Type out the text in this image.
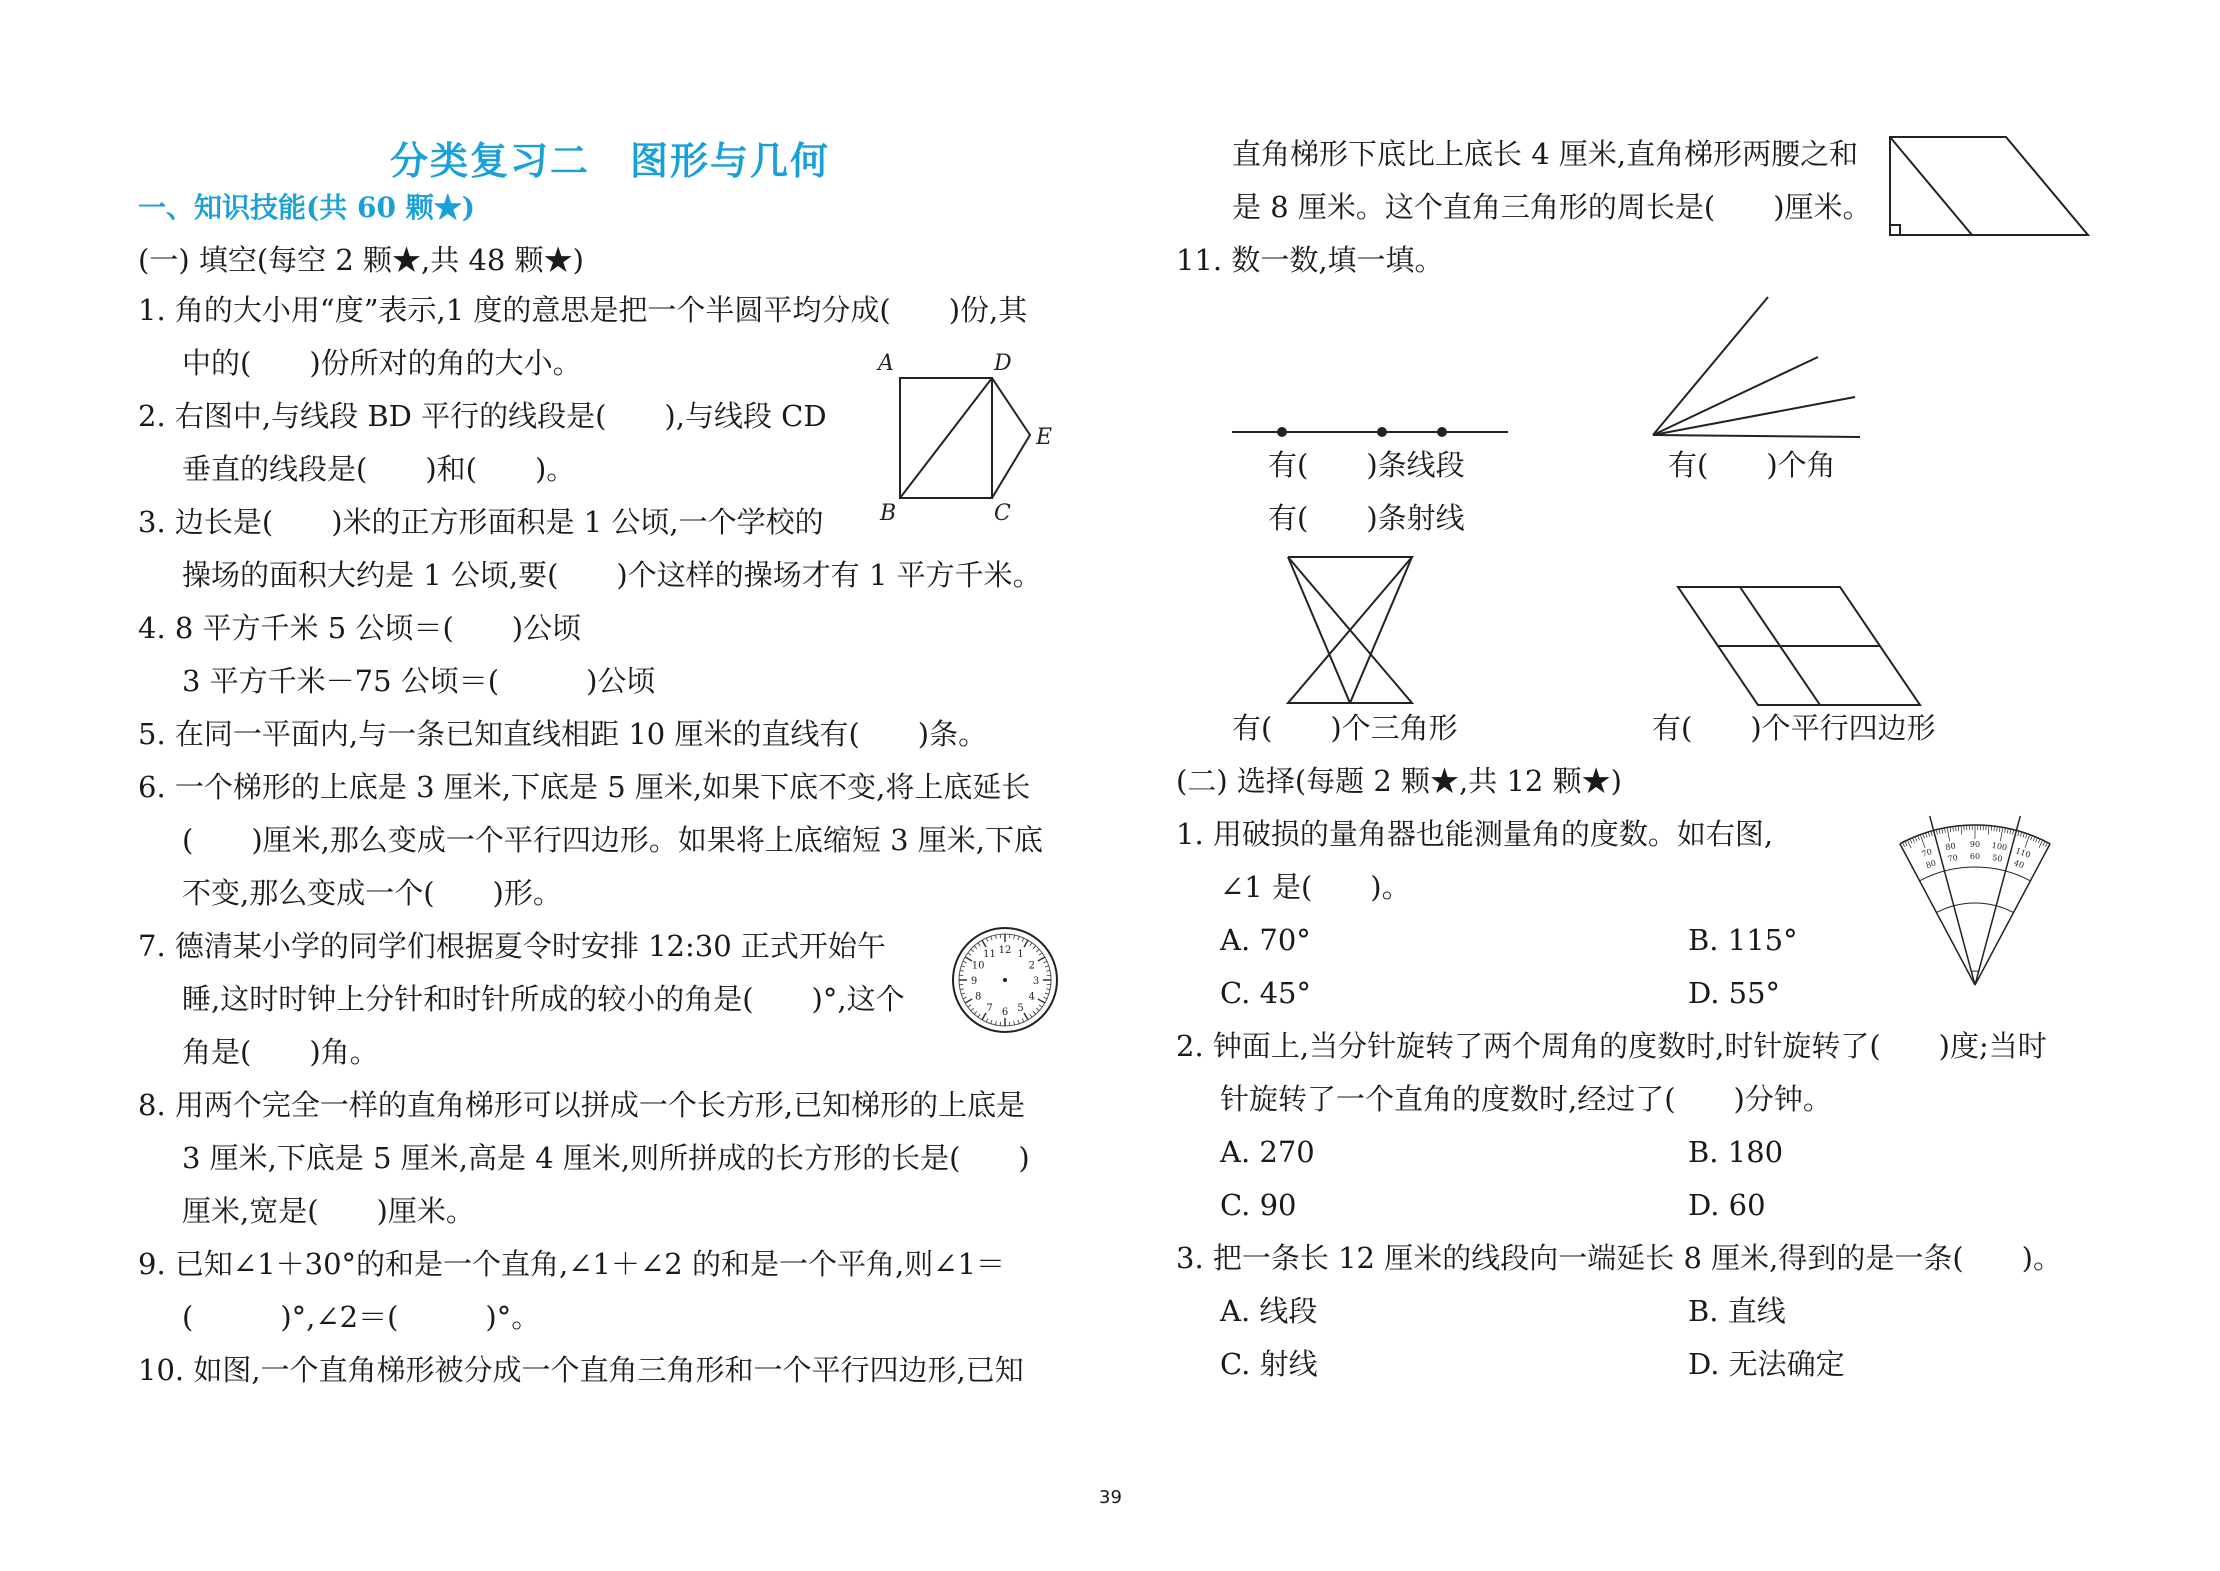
分类复习二　图形与几何
一、知识技能(共 60 颗★)
(一) 填空(每空 2 颗★,共 48 颗★)
1. 角的大小用“度”表示,1 度的意思是把一个半圆平均分成(　　)份,其
中的(　　)份所对的角的大小。
2. 右图中,与线段 BD 平行的线段是(　　),与线段 CD
垂直的线段是(　　)和(　　)。
3. 边长是(　　)米的正方形面积是 1 公顷,一个学校的
操场的面积大约是 1 公顷,要(　　)个这样的操场才有 1 平方千米。
4. 8 平方千米 5 公顷＝(　　)公顷
3 平方千米－75 公顷＝(　　　)公顷
5. 在同一平面内,与一条已知直线相距 10 厘米的直线有(　　)条。
6. 一个梯形的上底是 3 厘米,下底是 5 厘米,如果下底不变,将上底延长
(　　)厘米,那么变成一个平行四边形。如果将上底缩短 3 厘米,下底
不变,那么变成一个(　　)形。
7. 德清某小学的同学们根据夏令时安排 12:30 正式开始午
睡,这时时钟上分针和时针所成的较小的角是(　　)°,这个
角是(　　)角。
8. 用两个完全一样的直角梯形可以拼成一个长方形,已知梯形的上底是
3 厘米,下底是 5 厘米,高是 4 厘米,则所拼成的长方形的长是(　　)
厘米,宽是(　　)厘米。
9. 已知∠1＋30°的和是一个直角,∠1＋∠2 的和是一个平角,则∠1＝
(　　　)°,∠2＝(　　　)°。
10. 如图,一个直角梯形被分成一个直角三角形和一个平行四边形,已知
A	D
B	C
E
12 1
2
3
4
5
6
7
8
9
10
11
直角梯形下底比上底长 4 厘米,直角梯形两腰之和
是 8 厘米。这个直角三角形的周长是(　　)厘米。
11. 数一数,填一填。
有(　　)条线段
有(　　)条射线
有(　　)个角
有(　　)个三角形	有(　　)个平行四边形
(二) 选择(每题 2 颗★,共 12 颗★)
1. 用破损的量角器也能测量角的度数。如右图,
∠1 是(　　)。
A. 70°	B. 115°
C. 45°	D. 55°
70
80
80
70
90
60
100
50 110
40
2. 钟面上,当分针旋转了两个周角的度数时,时针旋转了(　　)度;当时
针旋转了一个直角的度数时,经过了(　　)分钟。
A. 270	B. 180
C. 90	D. 60
3. 把一条长 12 厘米的线段向一端延长 8 厘米,得到的是一条(　　)。
A. 线段	B. 直线
C. 射线	D. 无法确定
39
